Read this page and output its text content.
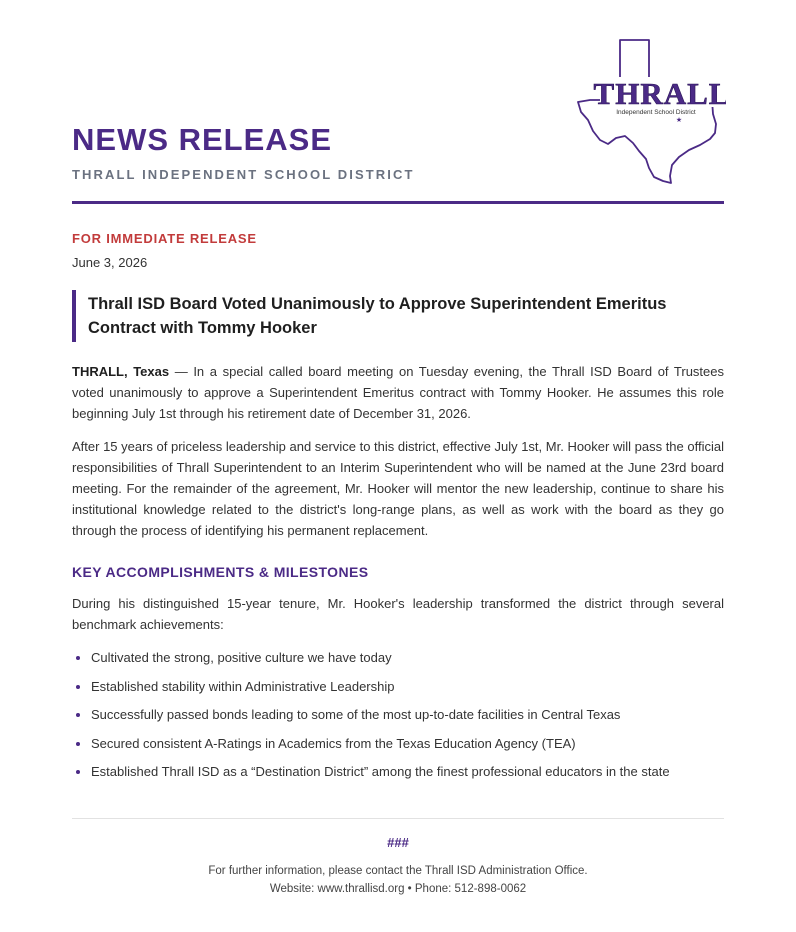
THRALL
Independent School District
★
NEWS RELEASE
THRALL INDEPENDENT SCHOOL DISTRICT
FOR IMMEDIATE RELEASE
June 3, 2026
Thrall ISD Board Voted Unanimously to Approve Superintendent Emeritus Contract with Tommy Hooker

THRALL, Texas — In a special called board meeting on Tuesday evening, the Thrall ISD Board of Trustees voted unanimously to approve a Superintendent Emeritus contract with Tommy Hooker. He assumes this role beginning July 1st through his retirement date of December 31, 2026.

After 15 years of priceless leadership and service to this district, effective July 1st, Mr. Hooker will pass the official responsibilities of Thrall Superintendent to an Interim Superintendent who will be named at the June 23rd board meeting. For the remainder of the agreement, Mr. Hooker will mentor the new leadership, continue to share his institutional knowledge related to the district's long-range plans, as well as work with the board as they go through the process of identifying his permanent replacement.

KEY ACCOMPLISHMENTS & MILESTONES

During his distinguished 15-year tenure, Mr. Hooker's leadership transformed the district through several benchmark achievements:

Cultivated the strong, positive culture we have today
Established stability within Administrative Leadership
Successfully passed bonds leading to some of the most up-to-date facilities in Central Texas
Secured consistent A-Ratings in Academics from the Texas Education Agency (TEA)
Established Thrall ISD as a “Destination District” among the finest professional educators in the state
###
For further information, please contact the Thrall ISD Administration Office.
Website: www.thrallisd.org • Phone: 512-898-0062
